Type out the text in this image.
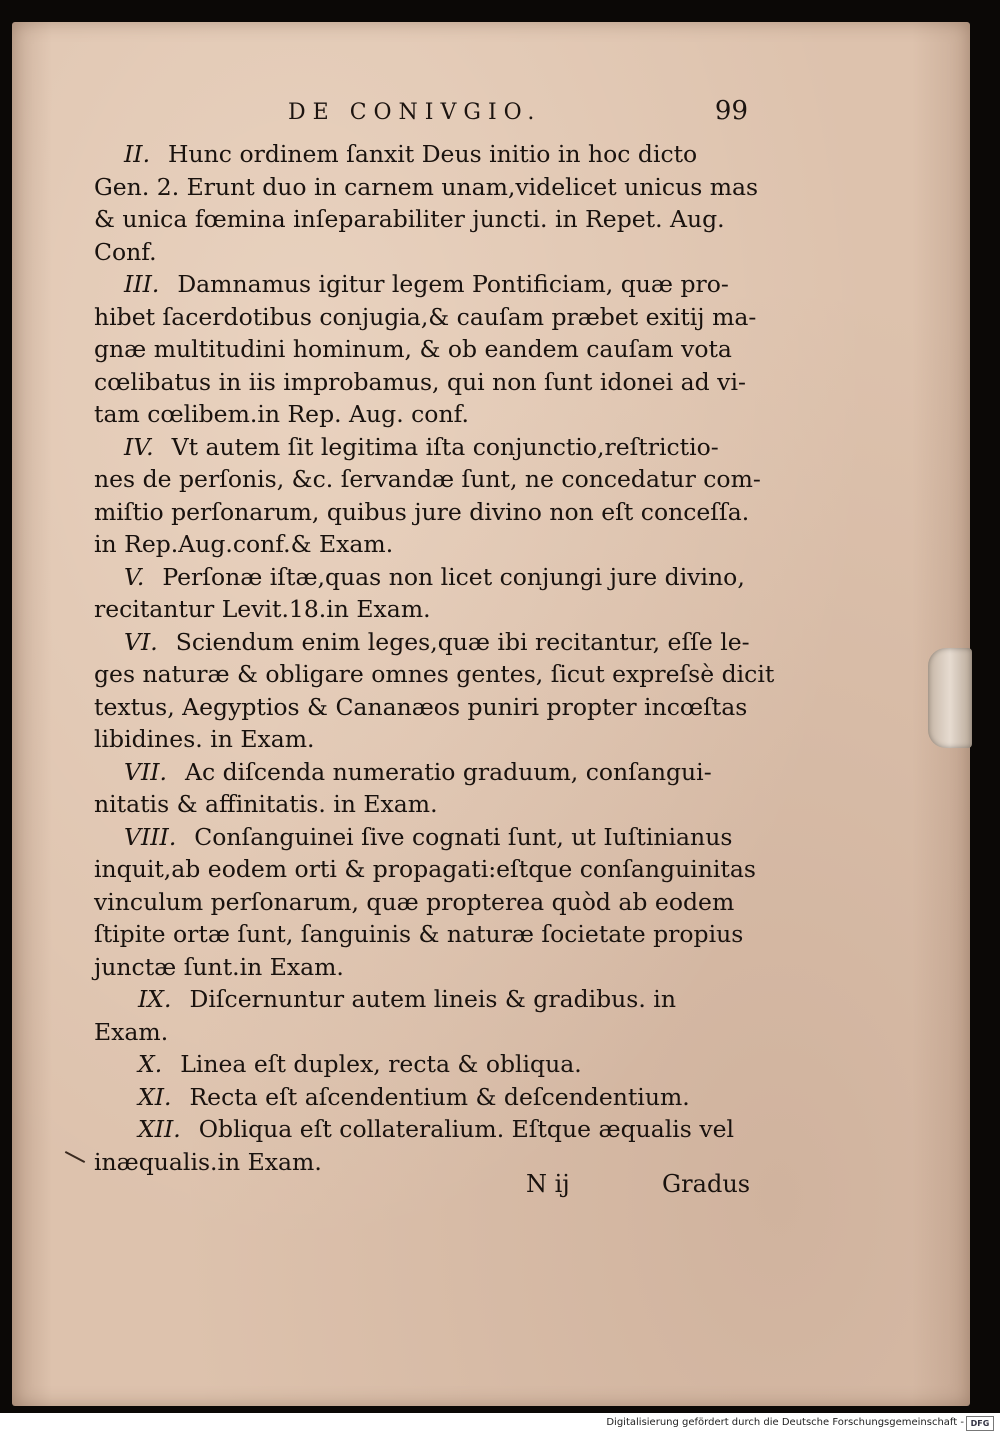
DE CONIVGIO.	99
II. Hunc ordinem ſanxit Deus initio in hoc dicto
Gen. 2. Erunt duo in carnem unam,videlicet unicus mas
& unica fœmina inſeparabiliter juncti. in Repet. Aug.
Conf.
III. Damnamus igitur legem Pontificiam, quæ pro-
hibet ſacerdotibus conjugia,& cauſam præbet exitij ma-
gnæ multitudini hominum, & ob eandem cauſam vota
cœlibatus in iis improbamus, qui non ſunt idonei ad vi-
tam cœlibem.in Rep. Aug. conf.
IV. Vt autem ſit legitima iſta conjunctio,reſtrictio-
nes de perſonis, &c. ſervandæ ſunt, ne concedatur com-
miſtio perſonarum, quibus jure divino non eſt conceſſa.
in Rep.Aug.conf.& Exam.
V. Perſonæ iſtæ,quas non licet conjungi jure divino,
recitantur Levit.18.in Exam.
VI. Sciendum enim leges,quæ ibi recitantur, eſſe le-
ges naturæ & obligare omnes gentes, ſicut expreſsè dicit
textus, Aegyptios & Cananæos puniri propter incœſtas
libidines. in Exam.
VII. Ac diſcenda numeratio graduum, conſangui-
nitatis & affinitatis. in Exam.
VIII. Conſanguinei ſive cognati ſunt, ut Iuſtinianus
inquit,ab eodem orti & propagati:eſtque conſanguinitas
vinculum perſonarum, quæ propterea quòd ab eodem
ſtipite ortæ ſunt, ſanguinis & naturæ ſocietate propius
junctæ ſunt.in Exam.
IX. Diſcernuntur autem lineis & gradibus. in
Exam.
X. Linea eſt duplex, recta & obliqua.
XI. Recta eſt aſcendentium & deſcendentium.
XII. Obliqua eſt collateralium. Eſtque æqualis vel
inæqualis.in Exam.
N ij	Gradus
Digitalisierung gefördert durch die Deutsche Forschungsgemeinschaft - DFG
